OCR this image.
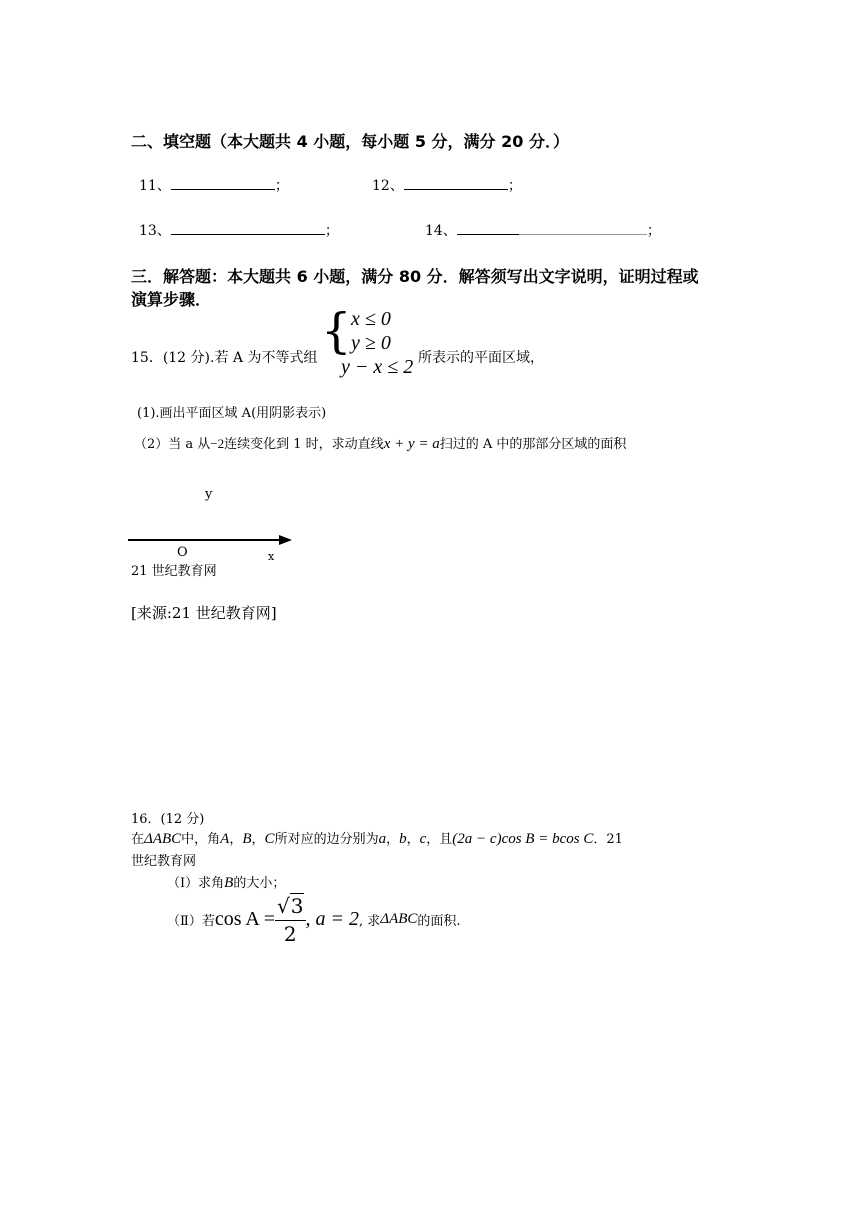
二、填空题（本大题共 4 小题，每小题 5 分，满分 20 分．）
11、	；	12、	；
13、	；	14、	；
三．解答题：本大题共 6 小题，满分 80 分．解答须写出文字说明，证明过程或
演算步骤．
15．(12 分).若 A 为不等式组 { x ≤ 0
y ≥ 0
y − x ≤ 2 所表示的平面区域，
(1).画出平面区域 A(用阴影表示)
（2）当 a 从−2连续变化到 1 时，求动直线x + y = a扫过的 A 中的那部分区域的面积
y
O	x
21 世纪教育网
[来源:21 世纪教育网]
16．(12 分)
在ΔABC中，角A，B，C所对应的边分别为a，b，c，且(2a − c)cos B = bcos C．21
世纪教育网
（Ⅰ）求角B的大小；
（Ⅱ）若$\cos A = \frac{√3}{2}$ , a = 2, 求ΔABC的面积.
